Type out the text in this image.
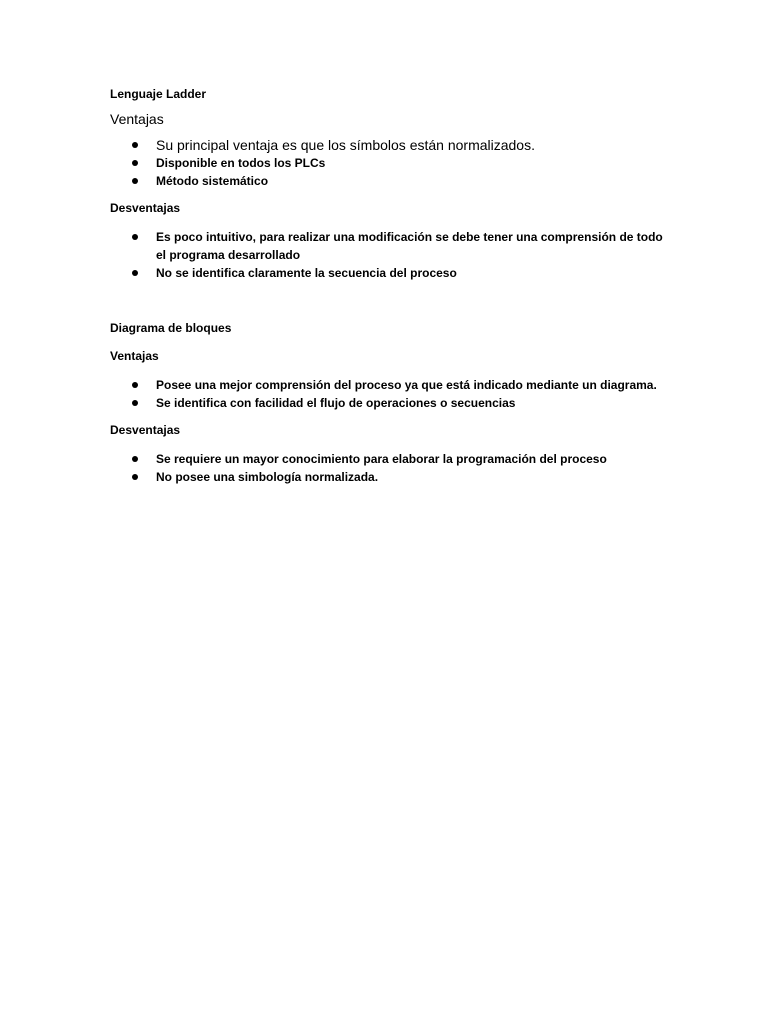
Lenguaje Ladder

Ventajas

Su principal ventaja es que los símbolos están normalizados.
Disponible en todos los PLCs
Método sistemático

Desventajas

Es poco intuitivo, para realizar una modificación se debe tener una comprensión de todo el programa desarrollado
No se identifica claramente la secuencia del proceso

Diagrama de bloques

Ventajas

Posee una mejor comprensión del proceso ya que está indicado mediante un diagrama.
Se identifica con facilidad el flujo de operaciones o secuencias

Desventajas

Se requiere un mayor conocimiento para elaborar la programación del proceso
No posee una simbología normalizada.
